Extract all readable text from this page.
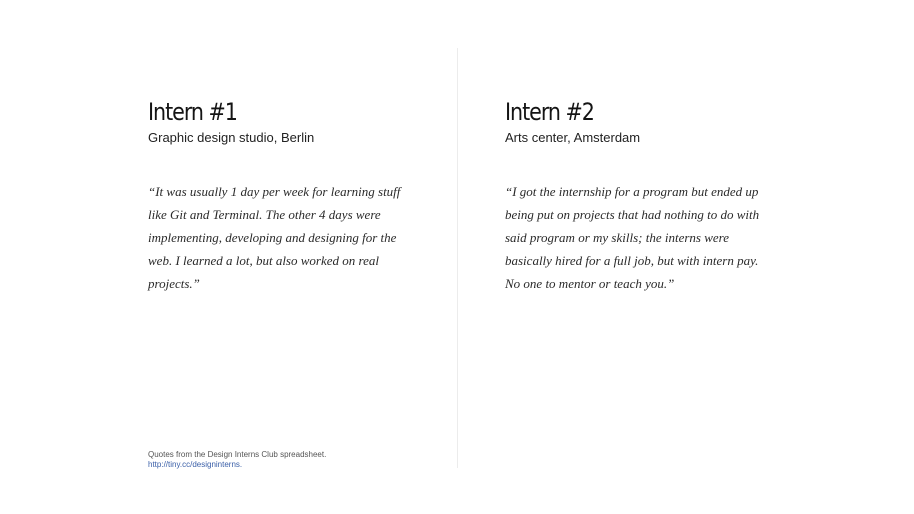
Intern #1

Graphic design studio, Berlin

“It was usually 1 day per week for learning stuff like Git and Terminal. The other 4 days were implementing, developing and designing for the web. I learned a lot, but also worked on real projects.”

Intern #2

Arts center, Amsterdam

“I got the internship for a program but ended up being put on projects that had nothing to do with said program or my skills; the interns were basically hired for a full job, but with intern pay. No one to mentor or teach you.”

Quotes from the Design Interns Club spreadsheet.
http://tiny.cc/designinterns.
